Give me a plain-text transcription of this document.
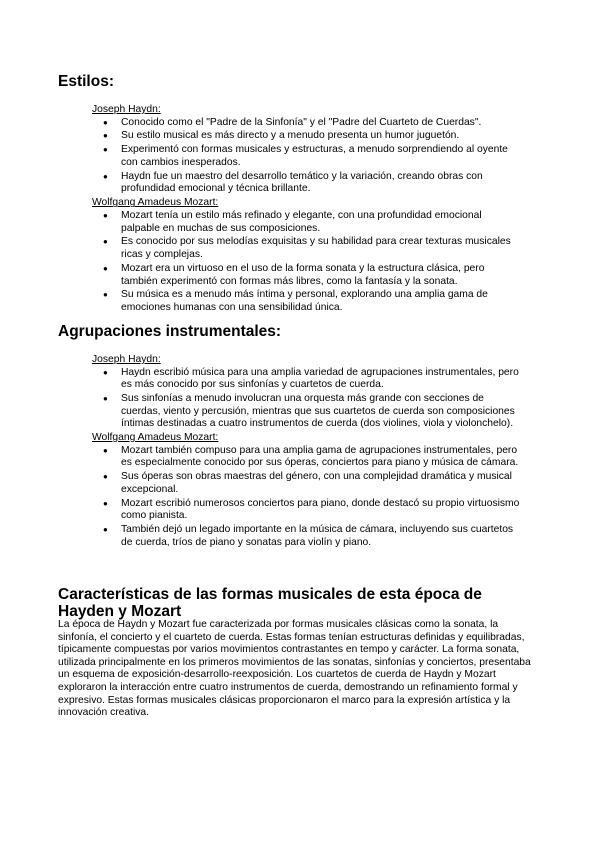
Estilos:
Joseph Haydn:
● Conocido como el "Padre de la Sinfonía" y el "Padre del Cuarteto de Cuerdas".
● Su estilo musical es más directo y a menudo presenta un humor juguetón.
● Experimentó con formas musicales y estructuras, a menudo sorprendiendo al oyente con cambios inesperados.
● Haydn fue un maestro del desarrollo temático y la variación, creando obras con profundidad emocional y técnica brillante.
Wolfgang Amadeus Mozart:
● Mozart tenía un estilo más refinado y elegante, con una profundidad emocional palpable en muchas de sus composiciones.
● Es conocido por sus melodías exquisitas y su habilidad para crear texturas musicales ricas y complejas.
● Mozart era un virtuoso en el uso de la forma sonata y la estructura clásica, pero también experimentó con formas más libres, como la fantasía y la sonata.
● Su música es a menudo más íntima y personal, explorando una amplia gama de emociones humanas con una sensibilidad única.
Agrupaciones instrumentales:
Joseph Haydn:
● Haydn escribió música para una amplia variedad de agrupaciones instrumentales, pero es más conocido por sus sinfonías y cuartetos de cuerda.
● Sus sinfonías a menudo involucran una orquesta más grande con secciones de cuerdas, viento y percusión, mientras que sus cuartetos de cuerda son composiciones íntimas destinadas a cuatro instrumentos de cuerda (dos violines, viola y violonchelo).
Wolfgang Amadeus Mozart:
● Mozart también compuso para una amplia gama de agrupaciones instrumentales, pero es especialmente conocido por sus óperas, conciertos para piano y música de cámara.
● Sus óperas son obras maestras del género, con una complejidad dramática y musical excepcional.
● Mozart escribió numerosos conciertos para piano, donde destacó su propio virtuosismo como pianista.
● También dejó un legado importante en la música de cámara, incluyendo sus cuartetos de cuerda, tríos de piano y sonatas para violín y piano.
Características de las formas musicales de esta época de Hayden y Mozart

La época de Haydn y Mozart fue caracterizada por formas musicales clásicas como la sonata, la sinfonía, el concierto y el cuarteto de cuerda. Estas formas tenían estructuras definidas y equilibradas, típicamente compuestas por varios movimientos contrastantes en tempo y carácter. La forma sonata, utilizada principalmente en los primeros movimientos de las sonatas, sinfonías y conciertos, presentaba un esquema de exposición-desarrollo-reexposición. Los cuartetos de cuerda de Haydn y Mozart exploraron la interacción entre cuatro instrumentos de cuerda, demostrando un refinamiento formal y expresivo. Estas formas musicales clásicas proporcionaron el marco para la expresión artística y la innovación creativa.
